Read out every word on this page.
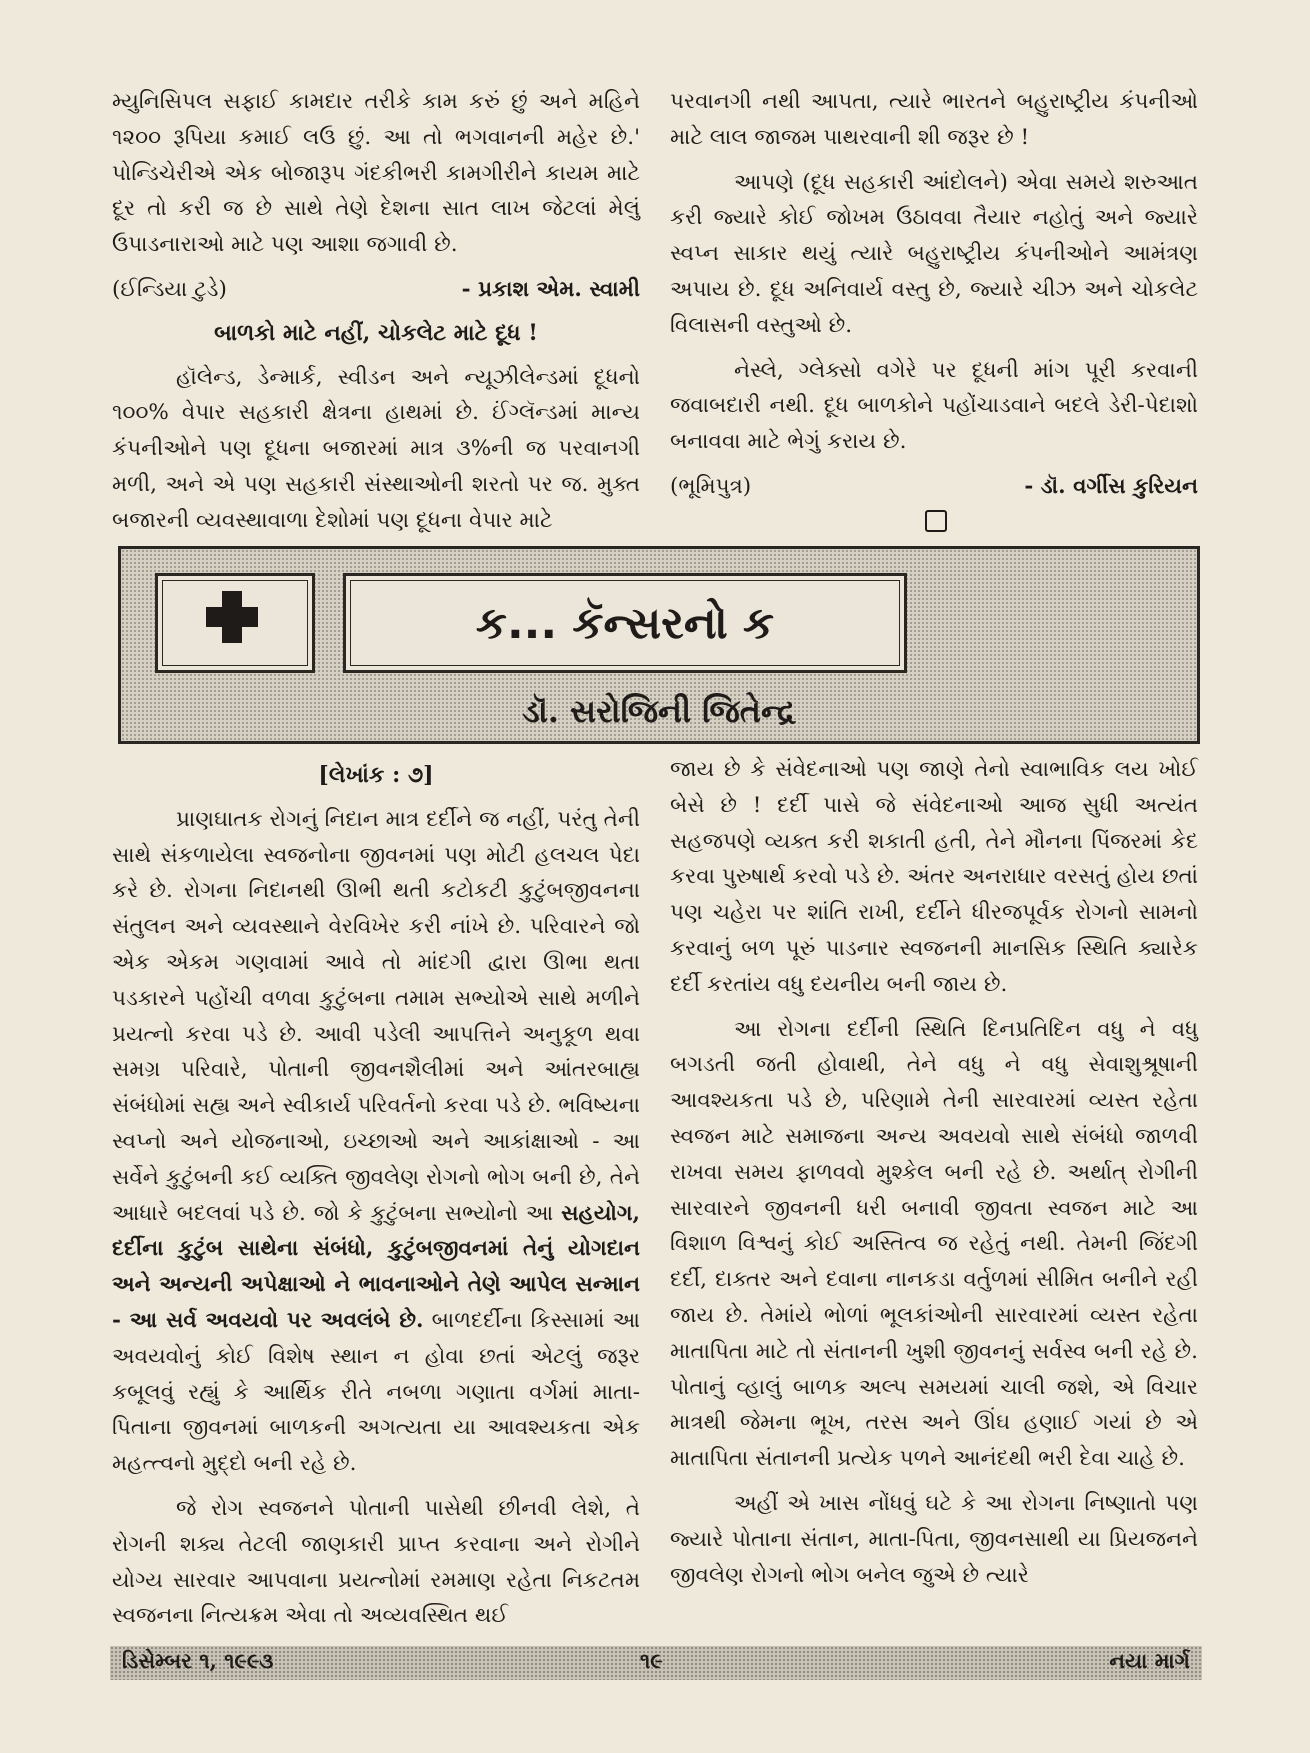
મ્યુનિસિપલ સફાઈ કામદાર તરીકે કામ કરું છું અને મહિને ૧૨૦૦ રૂપિયા કમાઈ લઉ છું. આ તો ભગવાનની મહેર છે.' પોન્ડિચેરીએ એક બોજારૂપ ગંદકીભરી કામગીરીને કાયમ માટે દૂર તો કરી જ છે સાથે તેણે દેશના સાત લાખ જેટલાં મેલું ઉપાડનારાઓ માટે પણ આશા જગાવી છે.

(ઈન્ડિયા ટુડે)	- પ્રકાશ એમ. સ્વામી
બાળકો માટે નહીં, ચોકલેટ માટે દૂધ !

હૉલેન્ડ, ડેન્માર્ક, સ્વીડન અને ન્યૂઝીલેન્ડમાં દૂધનો ૧૦૦% વેપાર સહકારી ક્ષેત્રના હાથમાં છે. ઈંગ્લૅન્ડમાં માન્ય કંપનીઓને પણ દૂધના બજારમાં માત્ર ૩%ની જ પરવાનગી મળી, અને એ પણ સહકારી સંસ્થાઓની શરતો પર જ. મુક્ત બજારની વ્યવસ્થાવાળા દેશોમાં પણ દૂધના વેપાર માટે

પરવાનગી નથી આપતા, ત્યારે ભારતને બહુરાષ્ટ્રીય કંપનીઓ માટે લાલ જાજમ પાથરવાની શી જરૂર છે !

આપણે (દૂધ સહકારી આંદોલને) એવા સમયે શરુઆત કરી જ્યારે કોઈ જોખમ ઉઠાવવા તૈયાર નહોતું અને જ્યારે સ્વપ્ન સાકાર થયું ત્યારે બહુરાષ્ટ્રીય કંપનીઓને આમંત્રણ અપાય છે. દૂધ અનિવાર્ય વસ્તુ છે, જ્યારે ચીઝ અને ચોકલેટ વિલાસની વસ્તુઓ છે.

નેસ્લે, ગ્લેક્સો વગેરે પર દૂધની માંગ પૂરી કરવાની જવાબદારી નથી. દૂધ બાળકોને પહોંચાડવાને બદલે ડેરી-પેદાશો બનાવવા માટે ભેગું કરાય છે.

(ભૂમિપુત્ર)	- ડૉ. વર્ગીસ કુરિયન
ક... કૅન્સરનો ક
ડૉ. સરોજિની જિતેન્દ્ર
[લેખાંક : ૭]

પ્રાણઘાતક રોગનું નિદાન માત્ર દર્દીને જ નહીં, પરંતુ તેની સાથે સંકળાયેલા સ્વજનોના જીવનમાં પણ મોટી હલચલ પેદા કરે છે. રોગના નિદાનથી ઊભી થતી કટોકટી કુટુંબજીવનના સંતુલન અને વ્યવસ્થાને વેરવિખેર કરી નાંખે છે. પરિવારને જો એક એકમ ગણવામાં આવે તો માંદગી દ્વારા ઊભા થતા પડકારને પહોંચી વળવા કુટુંબના તમામ સભ્યોએ સાથે મળીને પ્રયત્નો કરવા પડે છે. આવી પડેલી આપત્તિને અનુકૂળ થવા સમગ્ર પરિવારે, પોતાની જીવનશૈલીમાં અને આંતરબાહ્ય સંબંધોમાં સહ્ય અને સ્વીકાર્ય પરિવર્તનો કરવા પડે છે. ભવિષ્યના સ્વપ્નો અને યોજનાઓ, ઇચ્છાઓ અને આકાંક્ષાઓ - આ સર્વેને કુટુંબની કઈ વ્યક્તિ જીવલેણ રોગનો ભોગ બની છે, તેને આધારે બદલવાં પડે છે. જો કે કુટુંબના સભ્યોનો આ સહયોગ, દર્દીના કુટુંબ સાથેના સંબંધો, કુટુંબજીવનમાં તેનું યોગદાન અને અન્યની અપેક્ષાઓ ને ભાવનાઓને તેણે આપેલ સન્માન - આ સર્વ અવયવો પર અવલંબે છે. બાળદર્દીના કિસ્સામાં આ અવયવોનું કોઈ વિશેષ સ્થાન ન હોવા છતાં એટલું જરૂર કબૂલવું રહ્યું કે આર્થિક રીતે નબળા ગણાતા વર્ગમાં માતા-પિતાના જીવનમાં બાળકની અગત્યતા યા આવશ્યકતા એક મહત્ત્વનો મુદ્દો બની રહે છે.

જે રોગ સ્વજનને પોતાની પાસેથી છીનવી લેશે, તે રોગની શક્ય તેટલી જાણકારી પ્રાપ્ત કરવાના અને રોગીને યોગ્ય સારવાર આપવાના પ્રયત્નોમાં રમમાણ રહેતા નિકટતમ સ્વજનના નિત્યક્રમ એવા તો અવ્યવસ્થિત થઈ

જાય છે કે સંવેદનાઓ પણ જાણે તેનો સ્વાભાવિક લય ખોઈ બેસે છે ! દર્દી પાસે જે સંવેદનાઓ આજ સુધી અત્યંત સહજપણે વ્યક્ત કરી શકાતી હતી, તેને મૌનના પિંજરમાં કેદ કરવા પુરુષાર્થ કરવો પડે છે. અંતર અનરાધાર વરસતું હોય છતાં પણ ચહેરા પર શાંતિ રાખી, દર્દીને ધીરજપૂર્વક રોગનો સામનો કરવાનું બળ પૂરું પાડનાર સ્વજનની માનસિક સ્થિતિ ક્યારેક દર્દી કરતાંય વધુ દયનીય બની જાય છે.

આ રોગના દર્દીની સ્થિતિ દિનપ્રતિદિન વધુ ને વધુ બગડતી જતી હોવાથી, તેને વધુ ને વધુ સેવાશુશ્રૂષાની આવશ્યકતા પડે છે, પરિણામે તેની સારવારમાં વ્યસ્ત રહેતા સ્વજન માટે સમાજના અન્ય અવયવો સાથે સંબંધો જાળવી રાખવા સમય ફાળવવો મુશ્કેલ બની રહે છે. અર્થાત્ રોગીની સારવારને જીવનની ધરી બનાવી જીવતા સ્વજન માટે આ વિશાળ વિશ્વનું કોઈ અસ્તિત્વ જ રહેતું નથી. તેમની જિંદગી દર્દી, દાક્તર અને દવાના નાનકડા વર્તુળમાં સીમિત બનીને રહી જાય છે. તેમાંયે ભોળાં ભૂલકાંઓની સારવારમાં વ્યસ્ત રહેતા માતાપિતા માટે તો સંતાનની ખુશી જીવનનું સર્વસ્વ બની રહે છે. પોતાનું વ્હાલું બાળક અલ્પ સમયમાં ચાલી જશે, એ વિચાર માત્રથી જેમના ભૂખ, તરસ અને ઊંઘ હણાઈ ગયાં છે એ માતાપિતા સંતાનની પ્રત્યેક પળને આનંદથી ભરી દેવા ચાહે છે.

અહીં એ ખાસ નોંધવું ઘટે કે આ રોગના નિષ્ણાતો પણ જ્યારે પોતાના સંતાન, માતા-પિતા, જીવનસાથી યા પ્રિયજનને જીવલેણ રોગનો ભોગ બનેલ જુએ છે ત્યારે

ડિસેમ્બર ૧, ૧૯૯૩	૧૯	નયા માર્ગ
